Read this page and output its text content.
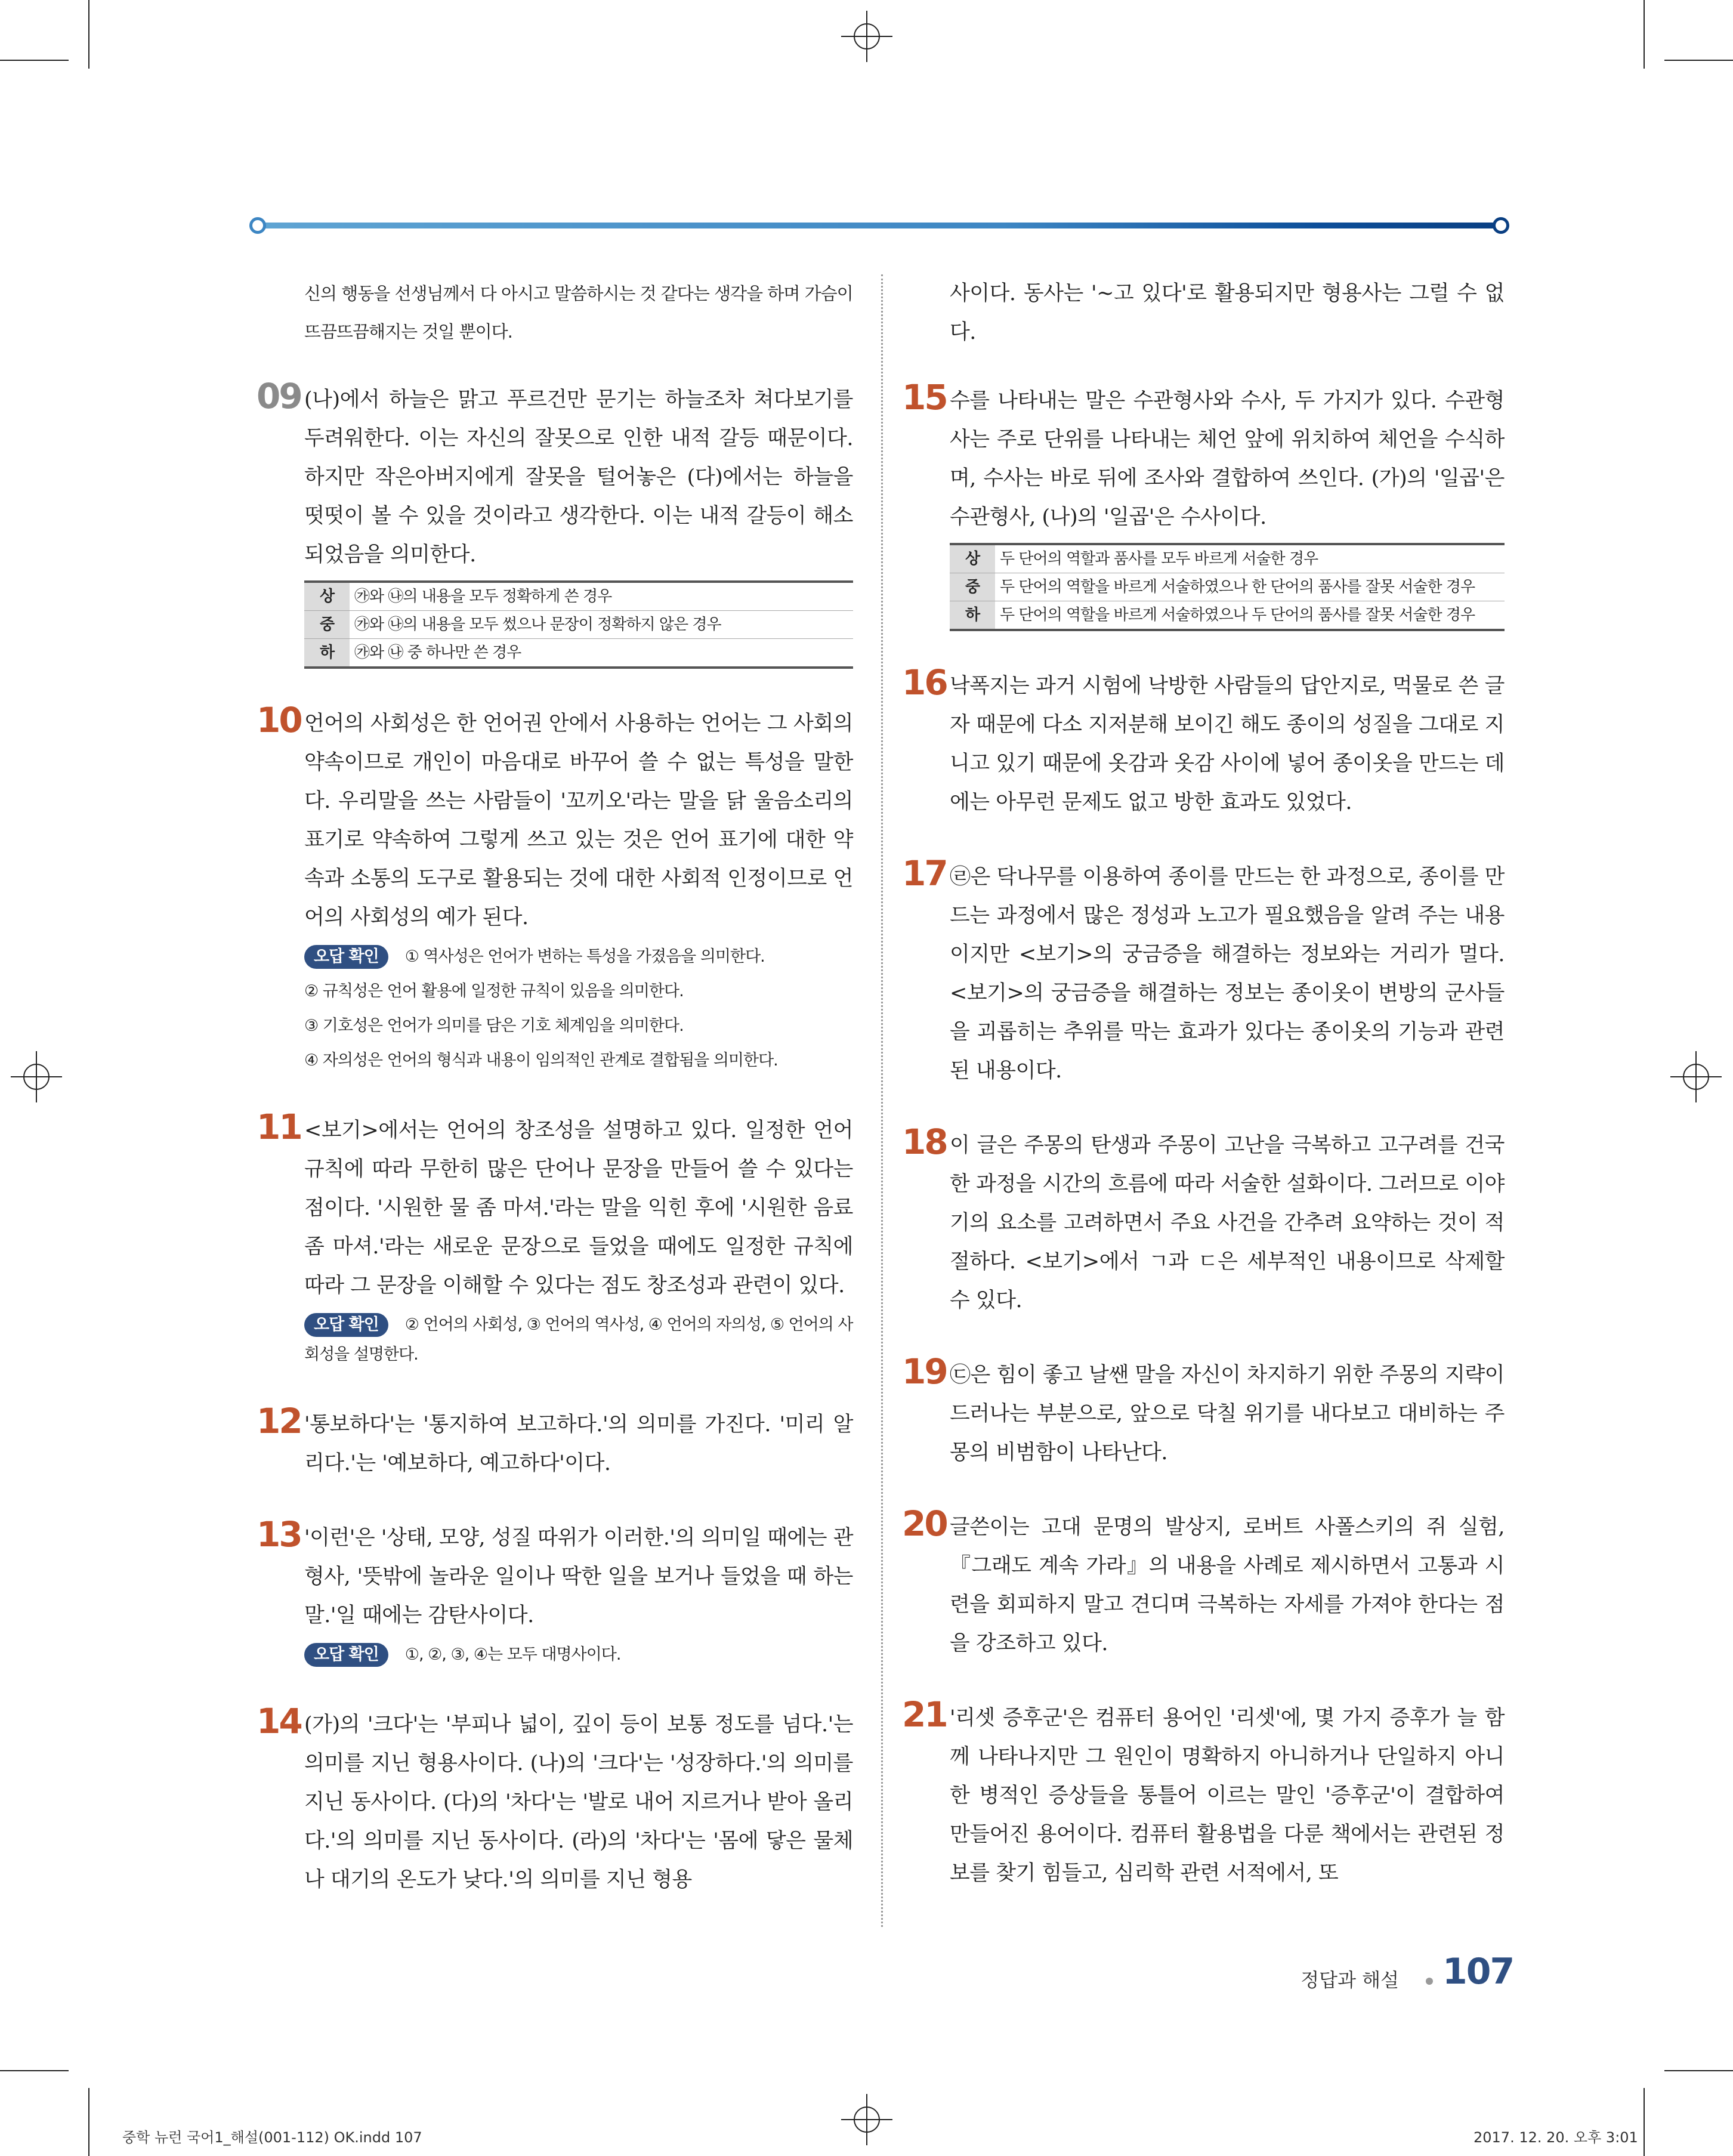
신의 행동을 선생님께서 다 아시고 말씀하시는 것 같다는 생각을 하며 가슴이 뜨끔뜨끔해지는 것일 뿐이다.
09 (나)에서 하늘은 맑고 푸르건만 문기는 하늘조차 쳐다보기를 두려워한다. 이는 자신의 잘못으로 인한 내적 갈등 때문이다. 하지만 작은아버지에게 잘못을 털어놓은 (다)에서는 하늘을 떳떳이 볼 수 있을 것이라고 생각한다. 이는 내적 갈등이 해소되었음을 의미한다.
상	㉮와 ㉯의 내용을 모두 정확하게 쓴 경우
중	㉮와 ㉯의 내용을 모두 썼으나 문장이 정확하지 않은 경우
하	㉮와 ㉯ 중 하나만 쓴 경우
10 언어의 사회성은 한 언어권 안에서 사용하는 언어는 그 사회의 약속이므로 개인이 마음대로 바꾸어 쓸 수 없는 특성을 말한다. 우리말을 쓰는 사람들이 '꼬끼오'라는 말을 닭 울음소리의 표기로 약속하여 그렇게 쓰고 있는 것은 언어 표기에 대한 약속과 소통의 도구로 활용되는 것에 대한 사회적 인정이므로 언어의 사회성의 예가 된다.
오답 확인 ① 역사성은 언어가 변하는 특성을 가졌음을 의미한다.
② 규칙성은 언어 활용에 일정한 규칙이 있음을 의미한다.
③ 기호성은 언어가 의미를 담은 기호 체계임을 의미한다.
④ 자의성은 언어의 형식과 내용이 임의적인 관계로 결합됨을 의미한다.
11 <보기>에서는 언어의 창조성을 설명하고 있다. 일정한 언어 규칙에 따라 무한히 많은 단어나 문장을 만들어 쓸 수 있다는 점이다. '시원한 물 좀 마셔.'라는 말을 익힌 후에 '시원한 음료 좀 마셔.'라는 새로운 문장으로 들었을 때에도 일정한 규칙에 따라 그 문장을 이해할 수 있다는 점도 창조성과 관련이 있다.
오답 확인 ② 언어의 사회성, ③ 언어의 역사성, ④ 언어의 자의성, ⑤ 언어의 사회성을 설명한다.
12 '통보하다'는 '통지하여 보고하다.'의 의미를 가진다. '미리 알리다.'는 '예보하다, 예고하다'이다.
13 '이런'은 '상태, 모양, 성질 따위가 이러한.'의 의미일 때에는 관형사, '뜻밖에 놀라운 일이나 딱한 일을 보거나 들었을 때 하는 말.'일 때에는 감탄사이다.
오답 확인 ①, ②, ③, ④는 모두 대명사이다.
14 (가)의 '크다'는 '부피나 넓이, 깊이 등이 보통 정도를 넘다.'는 의미를 지닌 형용사이다. (나)의 '크다'는 '성장하다.'의 의미를 지닌 동사이다. (다)의 '차다'는 '발로 내어 지르거나 받아 올리다.'의 의미를 지닌 동사이다. (라)의 '차다'는 '몸에 닿은 물체나 대기의 온도가 낮다.'의 의미를 지닌 형용
사이다. 동사는 '~고 있다'로 활용되지만 형용사는 그럴 수 없다.
15 수를 나타내는 말은 수관형사와 수사, 두 가지가 있다. 수관형사는 주로 단위를 나타내는 체언 앞에 위치하여 체언을 수식하며, 수사는 바로 뒤에 조사와 결합하여 쓰인다. (가)의 '일곱'은 수관형사, (나)의 '일곱'은 수사이다.
상	두 단어의 역할과 품사를 모두 바르게 서술한 경우
중	두 단어의 역할을 바르게 서술하였으나 한 단어의 품사를 잘못 서술한 경우
하	두 단어의 역할을 바르게 서술하였으나 두 단어의 품사를 잘못 서술한 경우
16 낙폭지는 과거 시험에 낙방한 사람들의 답안지로, 먹물로 쓴 글자 때문에 다소 지저분해 보이긴 해도 종이의 성질을 그대로 지니고 있기 때문에 옷감과 옷감 사이에 넣어 종이옷을 만드는 데에는 아무런 문제도 없고 방한 효과도 있었다.
17 ㉣은 닥나무를 이용하여 종이를 만드는 한 과정으로, 종이를 만드는 과정에서 많은 정성과 노고가 필요했음을 알려 주는 내용이지만 <보기>의 궁금증을 해결하는 정보와는 거리가 멀다. <보기>의 궁금증을 해결하는 정보는 종이옷이 변방의 군사들을 괴롭히는 추위를 막는 효과가 있다는 종이옷의 기능과 관련된 내용이다.
18 이 글은 주몽의 탄생과 주몽이 고난을 극복하고 고구려를 건국한 과정을 시간의 흐름에 따라 서술한 설화이다. 그러므로 이야기의 요소를 고려하면서 주요 사건을 간추려 요약하는 것이 적절하다. <보기>에서 ㄱ과 ㄷ은 세부적인 내용이므로 삭제할 수 있다.
19 ㉢은 힘이 좋고 날쌘 말을 자신이 차지하기 위한 주몽의 지략이 드러나는 부분으로, 앞으로 닥칠 위기를 내다보고 대비하는 주몽의 비범함이 나타난다.
20 글쓴이는 고대 문명의 발상지, 로버트 사폴스키의 쥐 실험, 『그래도 계속 가라』의 내용을 사례로 제시하면서 고통과 시련을 회피하지 말고 견디며 극복하는 자세를 가져야 한다는 점을 강조하고 있다.
21 '리셋 증후군'은 컴퓨터 용어인 '리셋'에, 몇 가지 증후가 늘 함께 나타나지만 그 원인이 명확하지 아니하거나 단일하지 아니한 병적인 증상들을 통틀어 이르는 말인 '증후군'이 결합하여 만들어진 용어이다. 컴퓨터 활용법을 다룬 책에서는 관련된 정보를 찾기 힘들고, 심리학 관련 서적에서, 또
정답과 해설 107
중학 뉴런 국어1_해설(001-112) OK.indd 107	2017. 12. 20. 오후 3:01
